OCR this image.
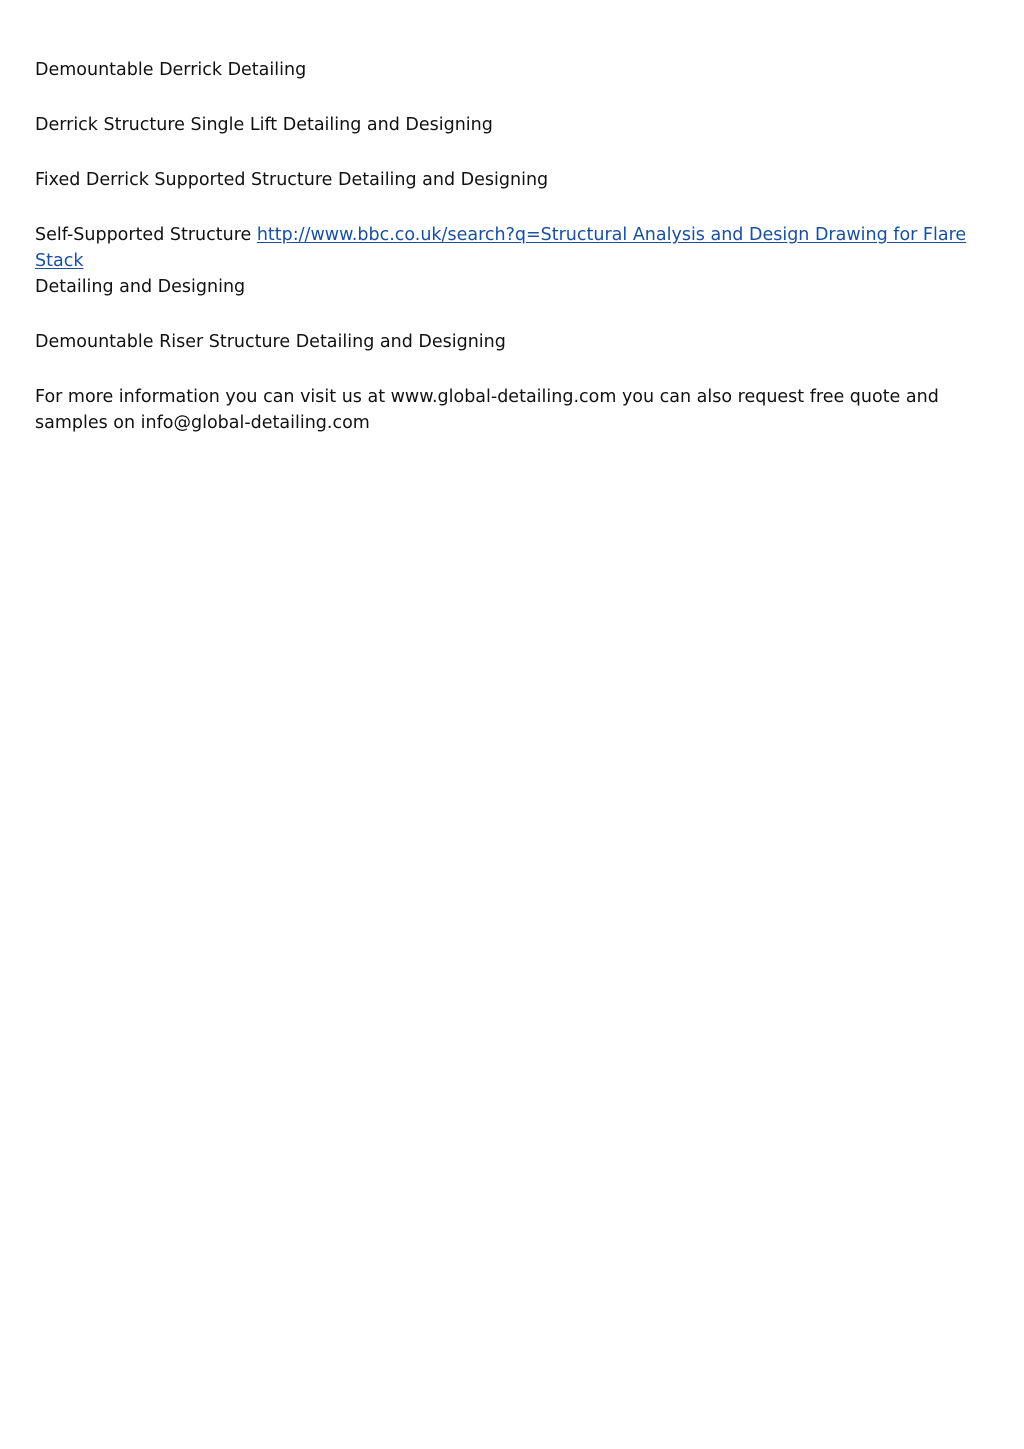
Demountable Derrick Detailing

Derrick Structure Single Lift Detailing and Designing

Fixed Derrick Supported Structure Detailing and Designing

Self-Supported Structure http://www.bbc.co.uk/search?q=Structural Analysis and Design Drawing for Flare Stack
Detailing and Designing

Demountable Riser Structure Detailing and Designing

For more information you can visit us at www.global-detailing.com you can also request free quote and samples on info@global-detailing.com
